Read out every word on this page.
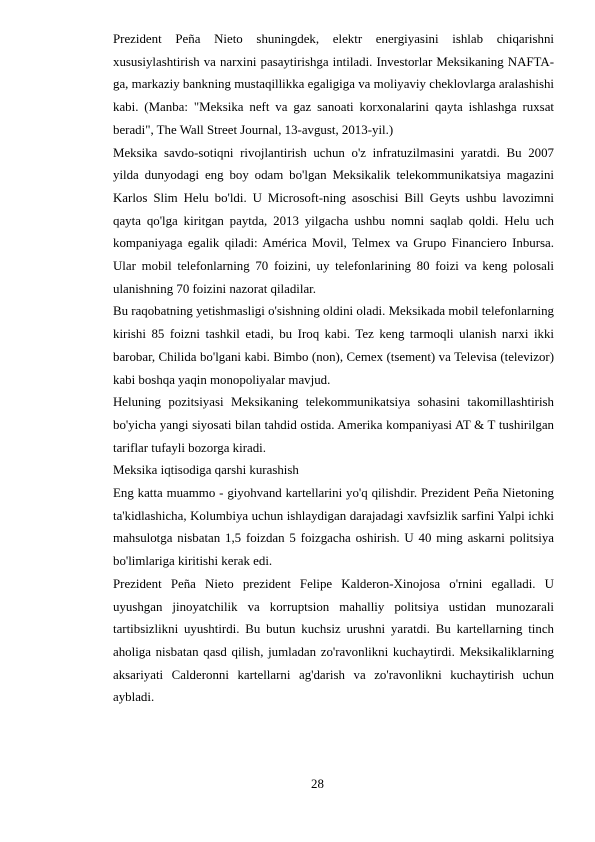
Prezident Peña Nieto shuningdek, elektr energiyasini ishlab chiqarishni xususiylashtirish va narxini pasaytirishga intiladi. Investorlar Meksikaning NAFTA-ga, markaziy bankning mustaqillikka egaligiga va moliyaviy cheklovlarga aralashishi kabi. (Manba: "Meksika neft va gaz sanoati korxonalarini qayta ishlashga ruxsat beradi", The Wall Street Journal, 13-avgust, 2013-yil.)

Meksika savdo-sotiqni rivojlantirish uchun o'z infratuzilmasini yaratdi. Bu 2007 yilda dunyodagi eng boy odam bo'lgan Meksikalik telekommunikatsiya magazini Karlos Slim Helu bo'ldi. U Microsoft-ning asoschisi Bill Geyts ushbu lavozimni qayta qo'lga kiritgan paytda, 2013 yilgacha ushbu nomni saqlab qoldi. Helu uch kompaniyaga egalik qiladi: América Movil, Telmex va Grupo Financiero Inbursa. Ular mobil telefonlarning 70 foizini, uy telefonlarining 80 foizi va keng polosali ulanishning 70 foizini nazorat qiladilar.

Bu raqobatning yetishmasligi o'sishning oldini oladi. Meksikada mobil telefonlarning kirishi 85 foizni tashkil etadi, bu Iroq kabi. Tez keng tarmoqli ulanish narxi ikki barobar, Chilida bo'lgani kabi. Bimbo (non), Cemex (tsement) va Televisa (televizor) kabi boshqa yaqin monopoliyalar mavjud.

Heluning pozitsiyasi Meksikaning telekommunikatsiya sohasini takomillashtirish bo'yicha yangi siyosati bilan tahdid ostida. Amerika kompaniyasi AT & T tushirilgan tariflar tufayli bozorga kiradi.

Meksika iqtisodiga qarshi kurashish

Eng katta muammo - giyohvand kartellarini yo'q qilishdir. Prezident Peña Nietoning ta'kidlashicha, Kolumbiya uchun ishlaydigan darajadagi xavfsizlik sarfini Yalpi ichki mahsulotga nisbatan 1,5 foizdan 5 foizgacha oshirish. U 40 ming askarni politsiya bo'limlariga kiritishi kerak edi.

Prezident Peña Nieto prezident Felipe Kalderon-Xinojosa o'rnini egalladi. U uyushgan jinoyatchilik va korruptsion mahalliy politsiya ustidan munozarali tartibsizlikni uyushtirdi. Bu butun kuchsiz urushni yaratdi. Bu kartellarning tinch aholiga nisbatan qasd qilish, jumladan zo'ravonlikni kuchaytirdi. Meksikaliklarning aksariyati Calderonni kartellarni ag'darish va zo'ravonlikni kuchaytirish uchun aybladi.

28
